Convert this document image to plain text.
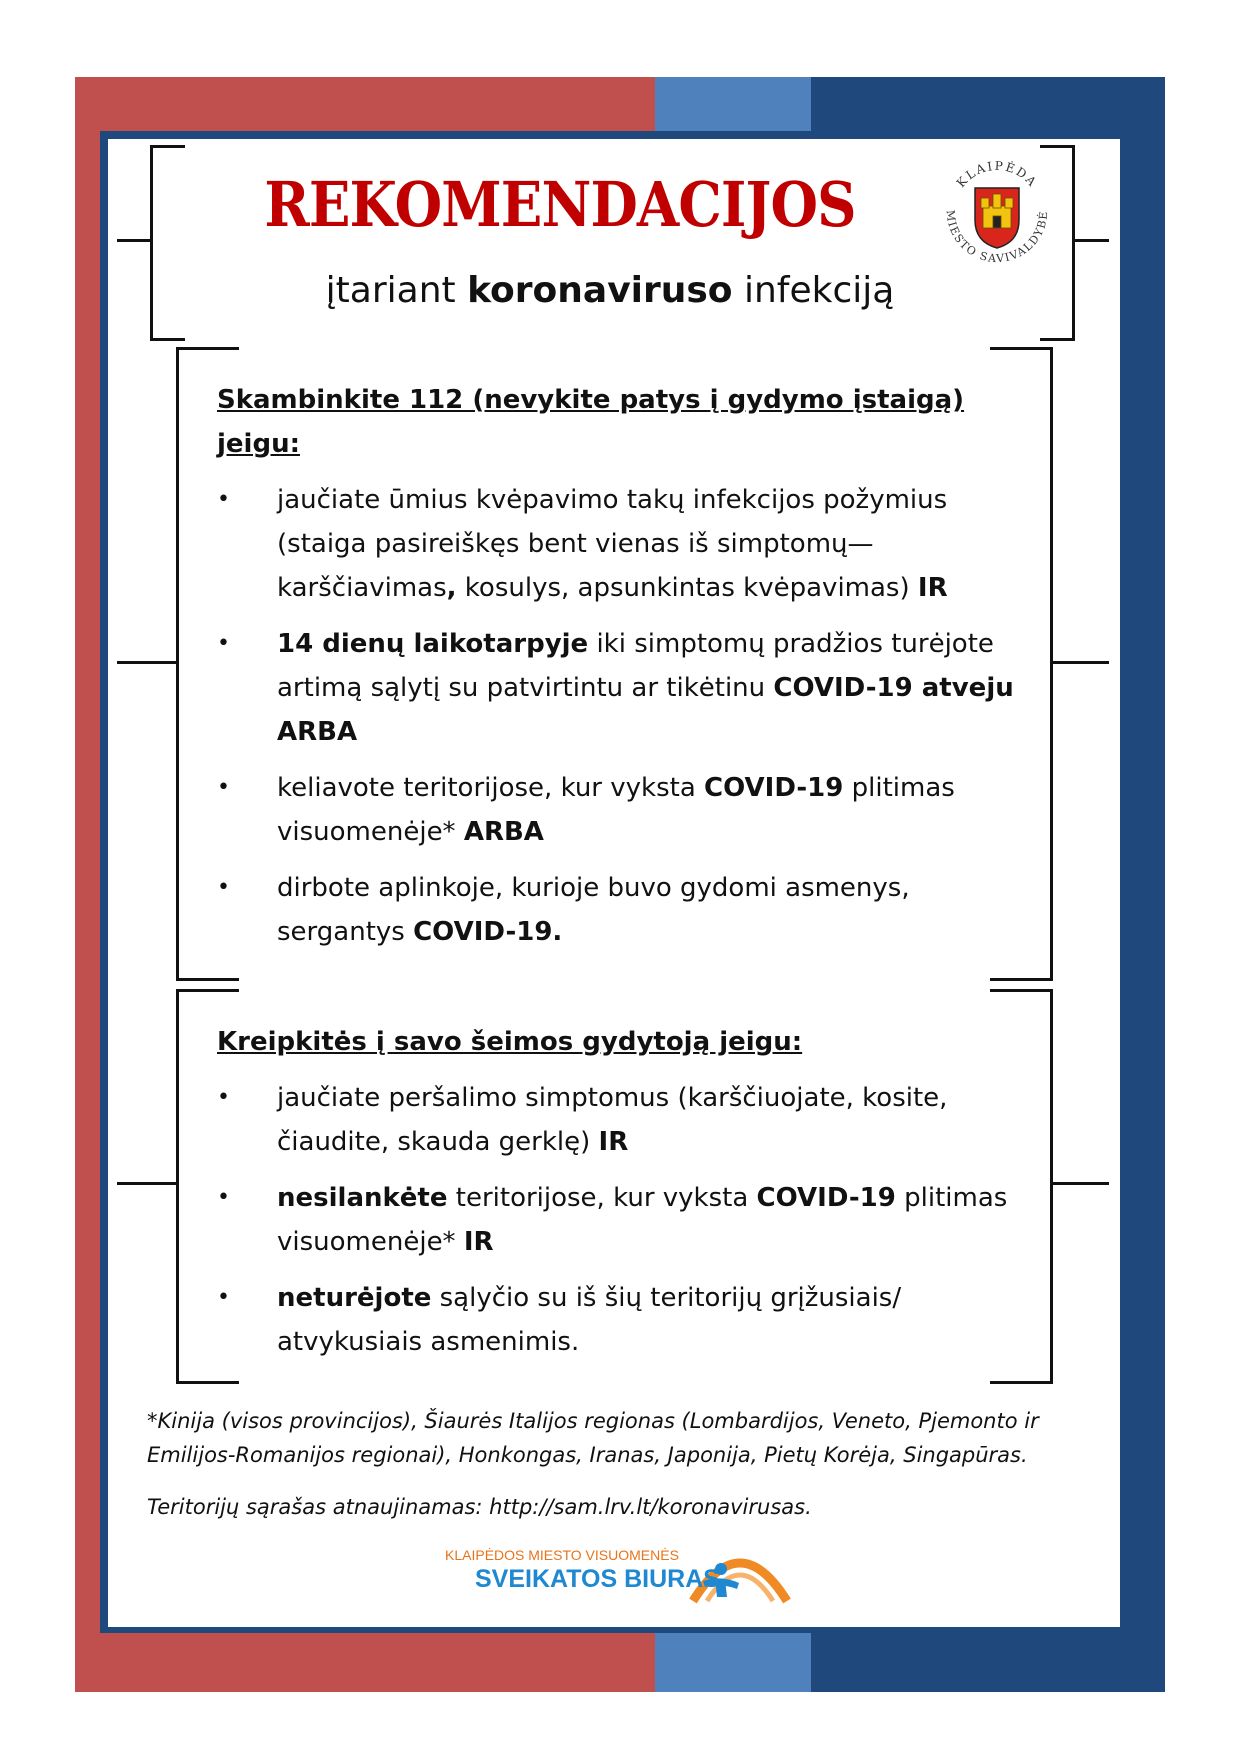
REKOMENDACIJOS
įtariant koronaviruso infekciją
KLAIPĖDA
MIESTO SAVIVALDYBĖ
Skambinkite 112 (nevykite patys į gydymo įstaigą) jeigu:
• jaučiate ūmius kvėpavimo takų infekcijos požymius (staiga pasireiškęs bent vienas iš simptomų—karščiavimas, kosulys, apsunkintas kvėpavimas) IR
• 14 dienų laikotarpyje iki simptomų pradžios turėjote artimą sąlytį su patvirtintu ar tikėtinu COVID-19 atveju ARBA
• keliavote teritorijose, kur vyksta COVID-19 plitimas visuomenėje* ARBA
• dirbote aplinkoje, kurioje buvo gydomi asmenys, sergantys COVID-19.
Kreipkitės į savo šeimos gydytoją jeigu:
• jaučiate peršalimo simptomus (karščiuojate, kosite, čiaudite, skauda gerklę) IR
• nesilankėte teritorijose, kur vyksta COVID-19 plitimas visuomenėje* IR
• neturėjote sąlyčio su iš šių teritorijų grįžusiais/ atvykusiais asmenimis.
*Kinija (visos provincijos), Šiaurės Italijos regionas (Lombardijos, Veneto, Pjemonto ir Emilijos-Romanijos regionai), Honkongas, Iranas, Japonija, Pietų Korėja, Singapūras.
Teritorijų sąrašas atnaujinamas: http://sam.lrv.lt/koronavirusas.
KLAIPĖDOS MIESTO VISUOMENĖS
SVEIKATOS BIURAS
